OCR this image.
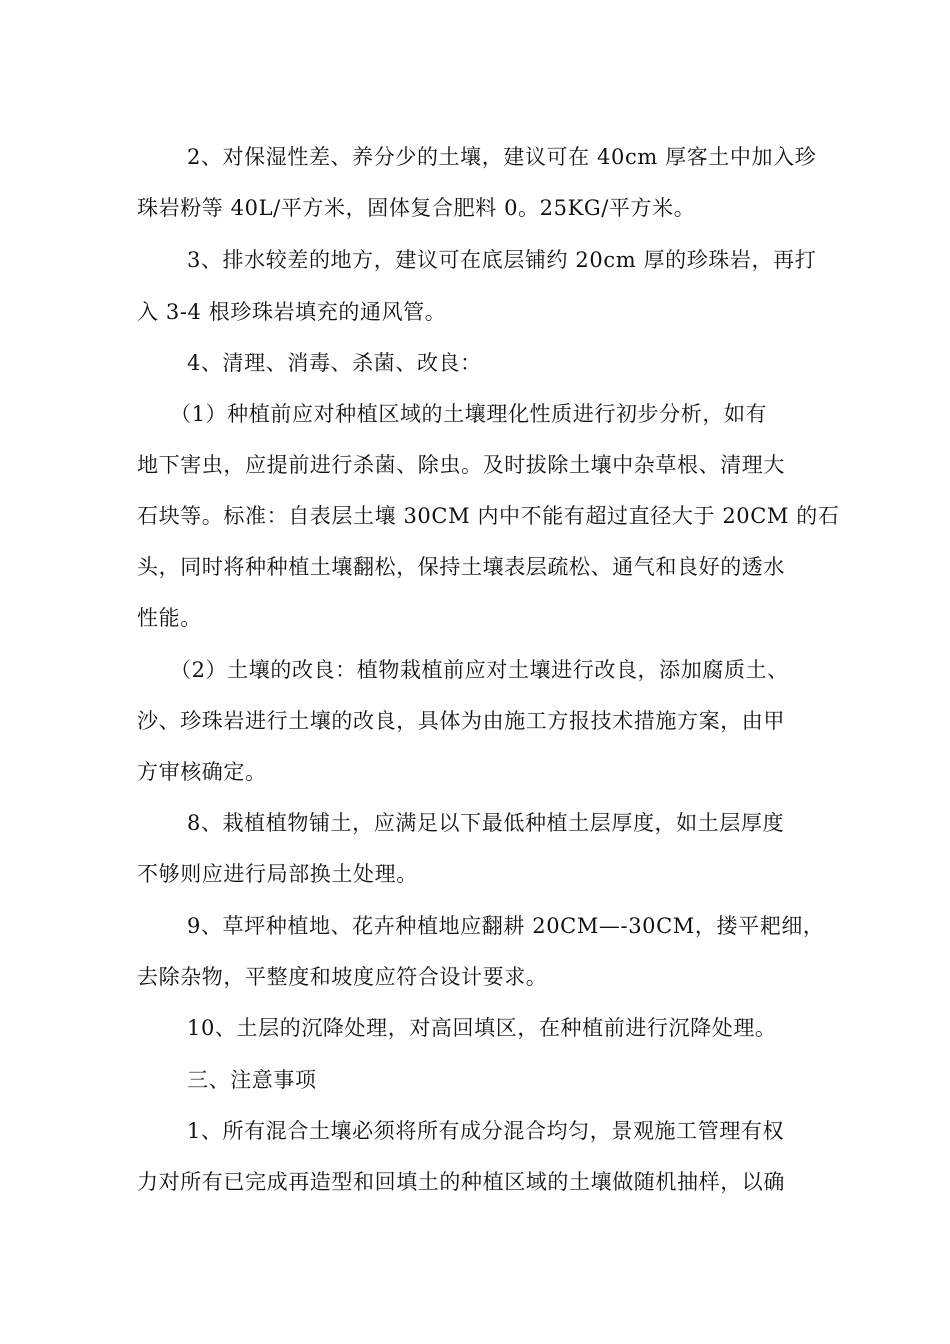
2、对保湿性差、养分少的土壤，建议可在 40cm 厚客土中加入珍
珠岩粉等 40L/平方米，固体复合肥料 0。25KG/平方米。
3、排水较差的地方，建议可在底层铺约 20cm 厚的珍珠岩，再打
入 3-4 根珍珠岩填充的通风管。
4、清理、消毒、杀菌、改良：
（1）种植前应对种植区域的土壤理化性质进行初步分析，如有
地下害虫，应提前进行杀菌、除虫。及时拔除土壤中杂草根、清理大
石块等。标准：自表层土壤 30CM 内中不能有超过直径大于 20CM 的石
头，同时将种种植土壤翻松，保持土壤表层疏松、通气和良好的透水
性能。
（2）土壤的改良：植物栽植前应对土壤进行改良，添加腐质土、
沙、珍珠岩进行土壤的改良，具体为由施工方报技术措施方案，由甲
方审核确定。
8、栽植植物铺土，应满足以下最低种植土层厚度，如土层厚度
不够则应进行局部换土处理。
9、草坪种植地、花卉种植地应翻耕 20CM—-30CM，搂平耙细，
去除杂物，平整度和坡度应符合设计要求。
10、土层的沉降处理，对高回填区，在种植前进行沉降处理。
三、注意事项
1、所有混合土壤必须将所有成分混合均匀，景观施工管理有权
力对所有已完成再造型和回填土的种植区域的土壤做随机抽样，以确
